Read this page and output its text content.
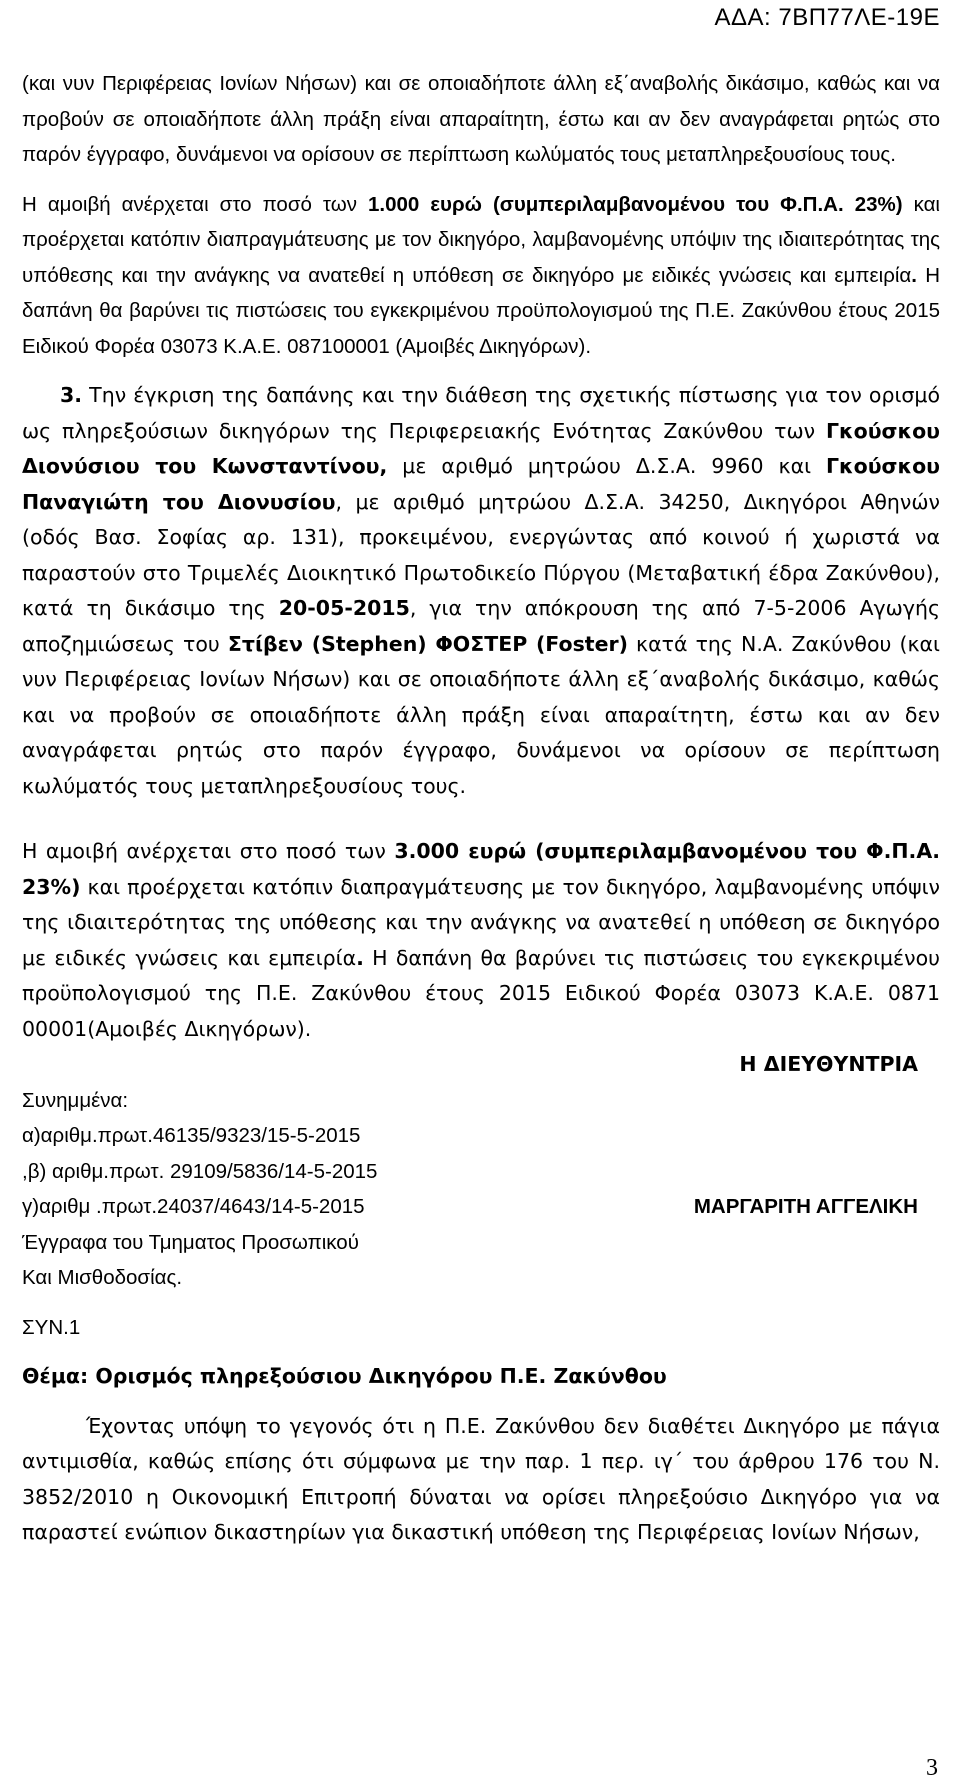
ΑΔΑ: 7ΒΠ77ΛΕ-19Ε

(και νυν Περιφέρειας Ιονίων Νήσων) και σε οποιαδήποτε άλλη εξ΄αναβολής δικάσιμο, καθώς και να προβούν σε οποιαδήποτε άλλη πράξη είναι απαραίτητη, έστω και αν δεν αναγράφεται ρητώς στο παρόν έγγραφο, δυνάμενοι να ορίσουν σε περίπτωση κωλύματός τους μεταπληρεξουσίους τους.

Η αμοιβή ανέρχεται στο ποσό των 1.000 ευρώ (συμπεριλαμβανομένου του Φ.Π.Α. 23%) και προέρχεται κατόπιν διαπραγμάτευσης με τον δικηγόρο, λαμβανομένης υπόψιν της ιδιαιτερότητας της υπόθεσης και την ανάγκης να ανατεθεί η υπόθεση σε δικηγόρο με ειδικές γνώσεις και εμπειρία. Η δαπάνη θα βαρύνει τις πιστώσεις του εγκεκριμένου προϋπολογισμού της Π.Ε. Ζακύνθου έτους 2015 Ειδικού Φορέα 03073 Κ.Α.Ε. 087100001 (Αμοιβές Δικηγόρων).

3. Την έγκριση της δαπάνης και την διάθεση της σχετικής πίστωσης για τον ορισμό ως πληρεξούσιων δικηγόρων της Περιφερειακής Ενότητας Ζακύνθου των Γκούσκου Διονύσιου του Κωνσταντίνου, με αριθμό μητρώου Δ.Σ.Α. 9960 και Γκούσκου Παναγιώτη του Διονυσίου, με αριθμό μητρώου Δ.Σ.Α. 34250, Δικηγόροι Αθηνών (οδός Βασ. Σοφίας αρ. 131), προκειμένου, ενεργώντας από κοινού ή χωριστά να παραστούν στο Τριμελές Διοικητικό Πρωτοδικείο Πύργου (Μεταβατική έδρα Ζακύνθου), κατά τη δικάσιμο της 20-05-2015, για την απόκρουση της από 7-5-2006 Αγωγής αποζημιώσεως του Στίβεν (Stephen) ΦΟΣΤΕΡ (Foster) κατά της Ν.Α. Ζακύνθου (και νυν Περιφέρειας Ιονίων Νήσων) και σε οποιαδήποτε άλλη εξ΄αναβολής δικάσιμο, καθώς και να προβούν σε οποιαδήποτε άλλη πράξη είναι απαραίτητη, έστω και αν δεν αναγράφεται ρητώς στο παρόν έγγραφο, δυνάμενοι να ορίσουν σε περίπτωση κωλύματός τους μεταπληρεξουσίους τους.

Η αμοιβή ανέρχεται στο ποσό των 3.000 ευρώ (συμπεριλαμβανομένου του Φ.Π.Α. 23%) και προέρχεται κατόπιν διαπραγμάτευσης με τον δικηγόρο, λαμβανομένης υπόψιν της ιδιαιτερότητας της υπόθεσης και την ανάγκης να ανατεθεί η υπόθεση σε δικηγόρο με ειδικές γνώσεις και εμπειρία. Η δαπάνη θα βαρύνει τις πιστώσεις του εγκεκριμένου προϋπολογισμού της Π.Ε. Ζακύνθου έτους 2015 Ειδικού Φορέα 03073 Κ.Α.Ε. 0871 00001(Αμοιβές Δικηγόρων).

Η ΔΙΕΥΘΥΝΤΡΙΑ
Συνημμένα:
α)αριθμ.πρωτ.46135/9323/15-5-2015
,β) αριθμ.πρωτ. 29109/5836/14-5-2015
γ)αριθμ .πρωτ.24037/4643/14-5-2015	ΜΑΡΓΑΡΙΤΗ ΑΓΓΕΛΙΚΗ
Έγγραφα του Τμηματος Προσωπικού
Και Μισθοδοσίας.
ΣΥΝ.1
Θέμα: Ορισμός πληρεξούσιου Δικηγόρου Π.Ε. Ζακύνθου

Έχοντας υπόψη το γεγονός ότι η Π.Ε. Ζακύνθου δεν διαθέτει Δικηγόρο με πάγια αντιμισθία, καθώς επίσης ότι σύμφωνα με την παρ. 1 περ. ιγ΄ του άρθρου 176 του Ν. 3852/2010 η Οικονομική Επιτροπή δύναται να ορίσει πληρεξούσιο Δικηγόρο για να παραστεί ενώπιον δικαστηρίων για δικαστική υπόθεση της Περιφέρειας Ιονίων Νήσων,

3
